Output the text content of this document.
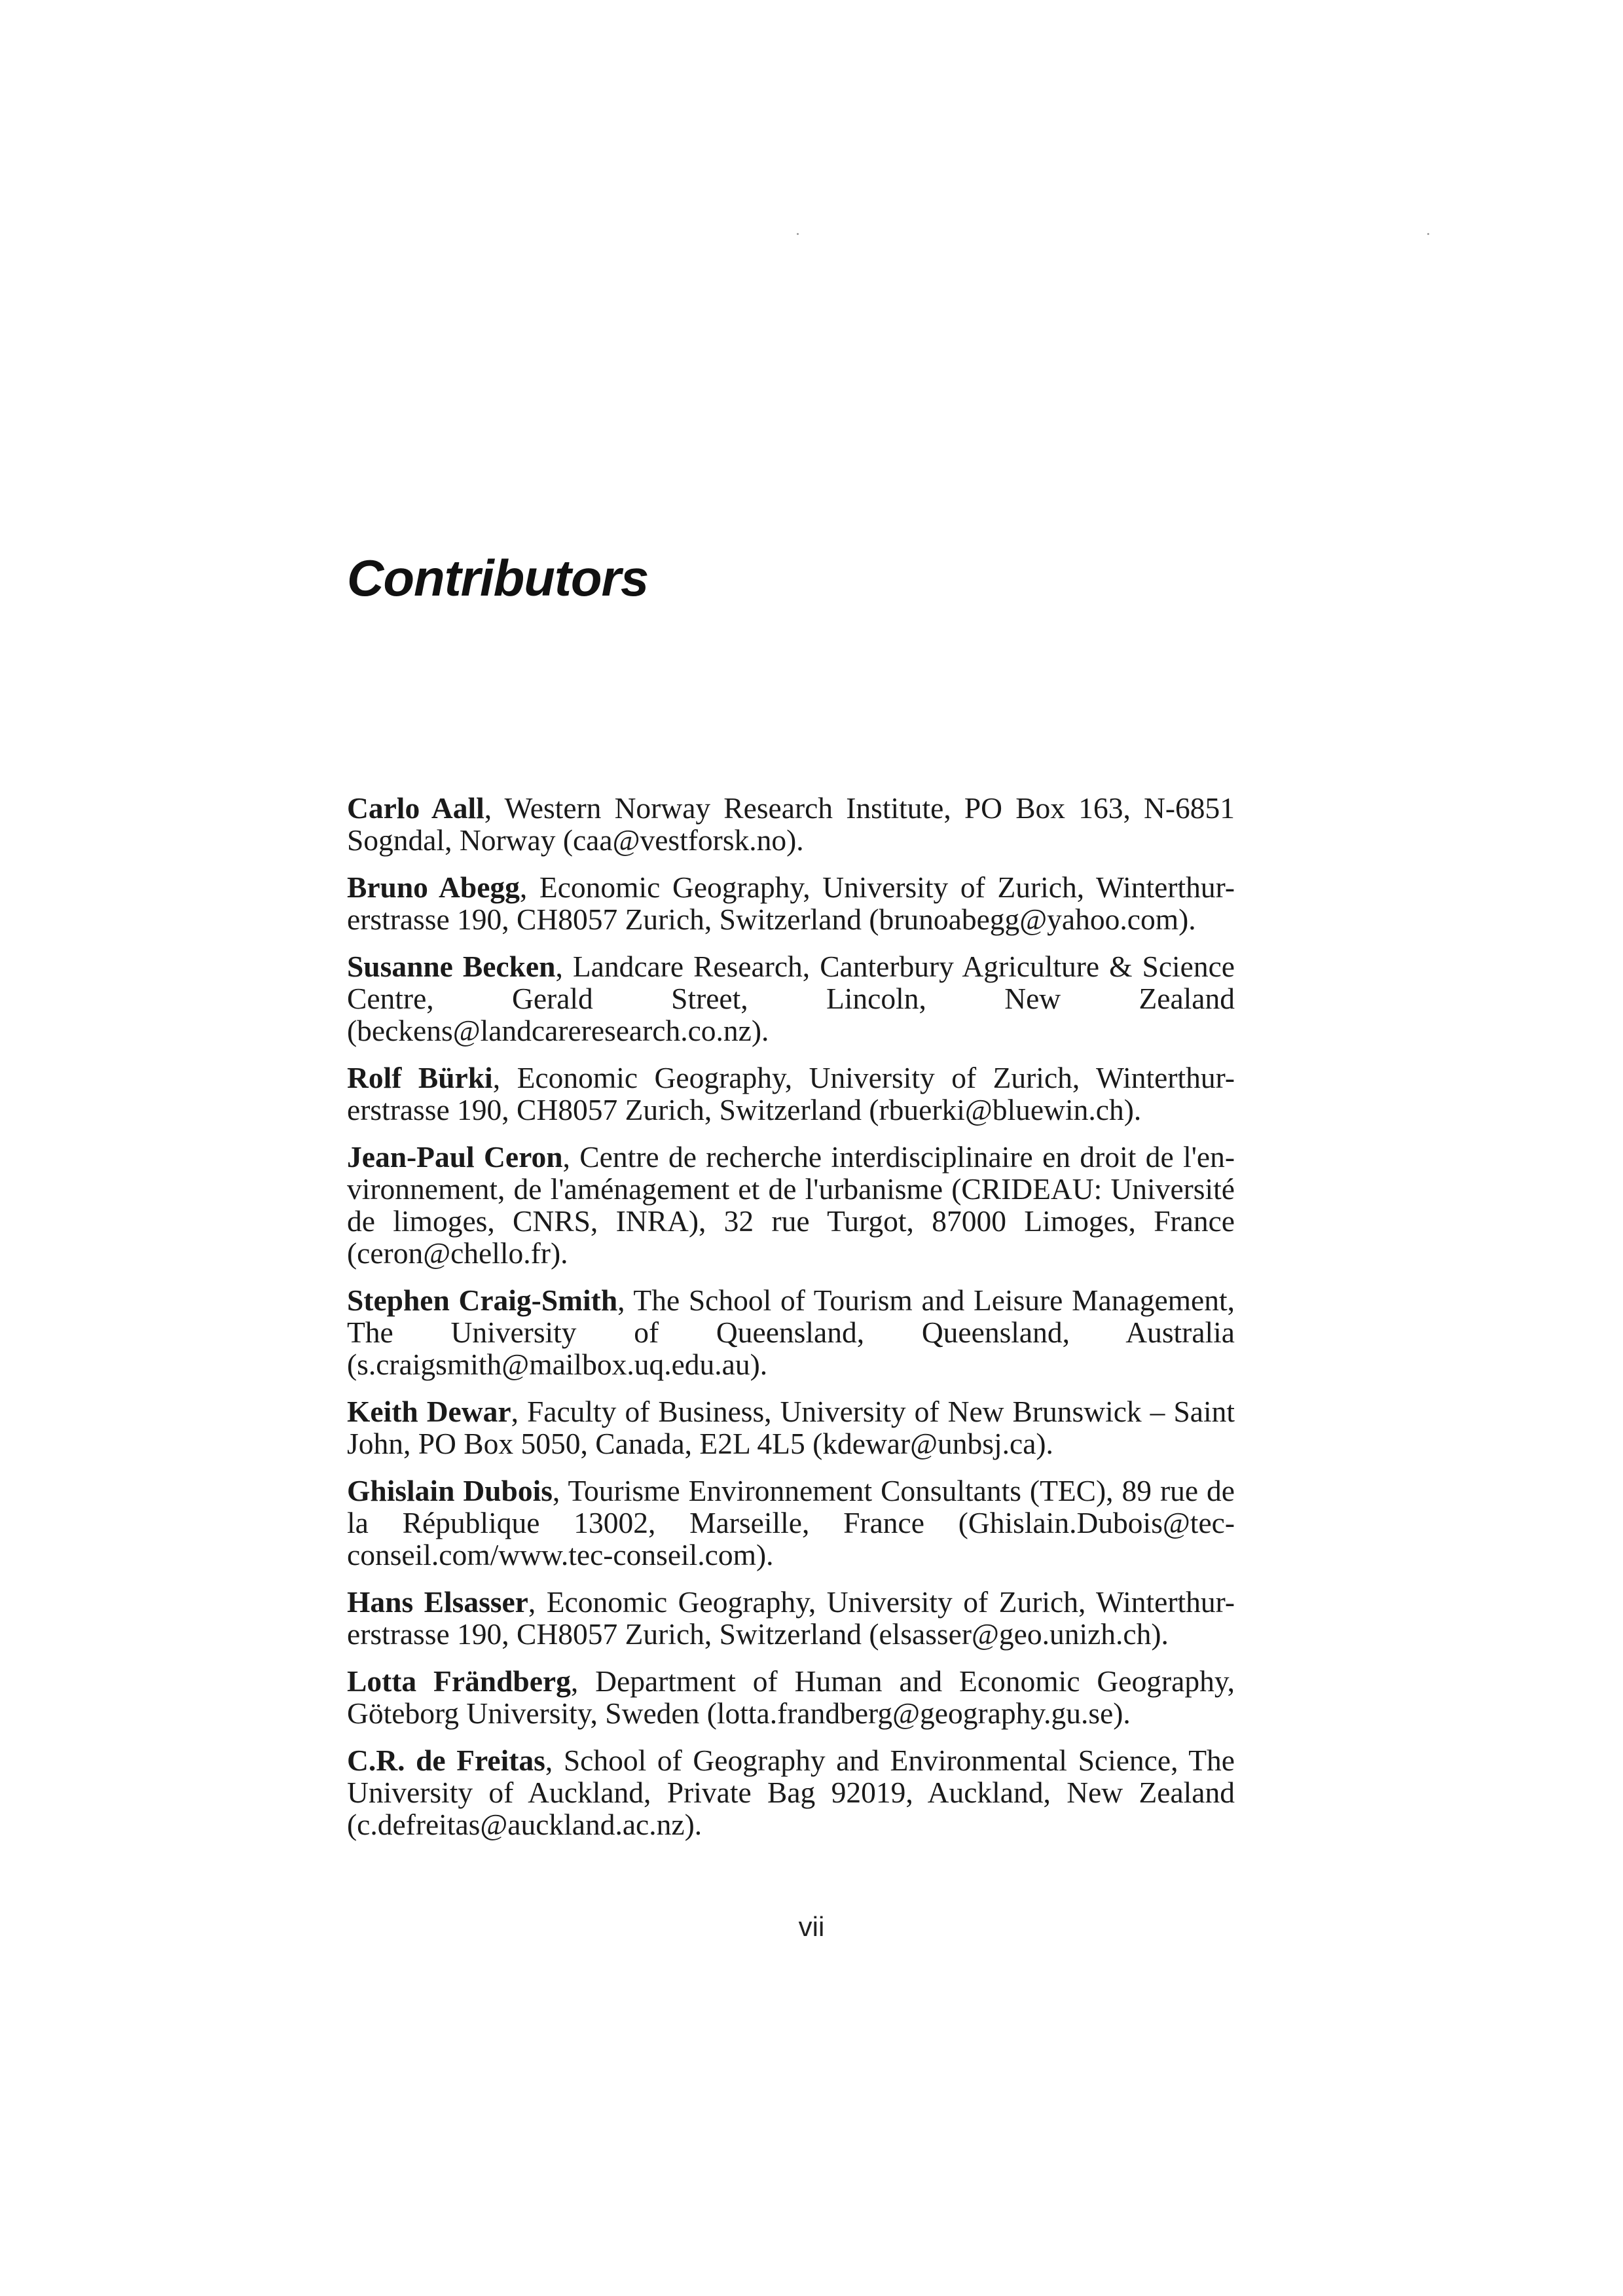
Contributors

Carlo Aall, Western Norway Research Institute, PO Box 163, N-6851 Sogndal, Norway (caa@vestforsk.no).

Bruno Abegg, Economic Geography, University of Zurich, Winterthur-erstrasse 190, CH8057 Zurich, Switzerland (brunoabegg@yahoo.com).

Susanne Becken, Landcare Research, Canterbury Agriculture & Science Centre, Gerald Street, Lincoln, New Zealand (beckens@landcareresearch.co.nz).

Rolf Bürki, Economic Geography, University of Zurich, Winterthur-erstrasse 190, CH8057 Zurich, Switzerland (rbuerki@bluewin.ch).

Jean-Paul Ceron, Centre de recherche interdisciplinaire en droit de l'en-vironnement, de l'aménagement et de l'urbanisme (CRIDEAU: Université de limoges, CNRS, INRA), 32 rue Turgot, 87000 Limoges, France (ceron@chello.fr).

Stephen Craig-Smith, The School of Tourism and Leisure Management, The University of Queensland, Queensland, Australia (s.craigsmith@mailbox.uq.edu.au).

Keith Dewar, Faculty of Business, University of New Brunswick – Saint John, PO Box 5050, Canada, E2L 4L5 (kdewar@unbsj.ca).

Ghislain Dubois, Tourisme Environnement Consultants (TEC), 89 rue de la République 13002, Marseille, France (Ghislain.Dubois@tec-conseil.com/www.tec-conseil.com).

Hans Elsasser, Economic Geography, University of Zurich, Winterthur-erstrasse 190, CH8057 Zurich, Switzerland (elsasser@geo.unizh.ch).

Lotta Frändberg, Department of Human and Economic Geography, Göteborg University, Sweden (lotta.frandberg@geography.gu.se).

C.R. de Freitas, School of Geography and Environmental Science, The University of Auckland, Private Bag 92019, Auckland, New Zealand (c.defreitas@auckland.ac.nz).

vii
